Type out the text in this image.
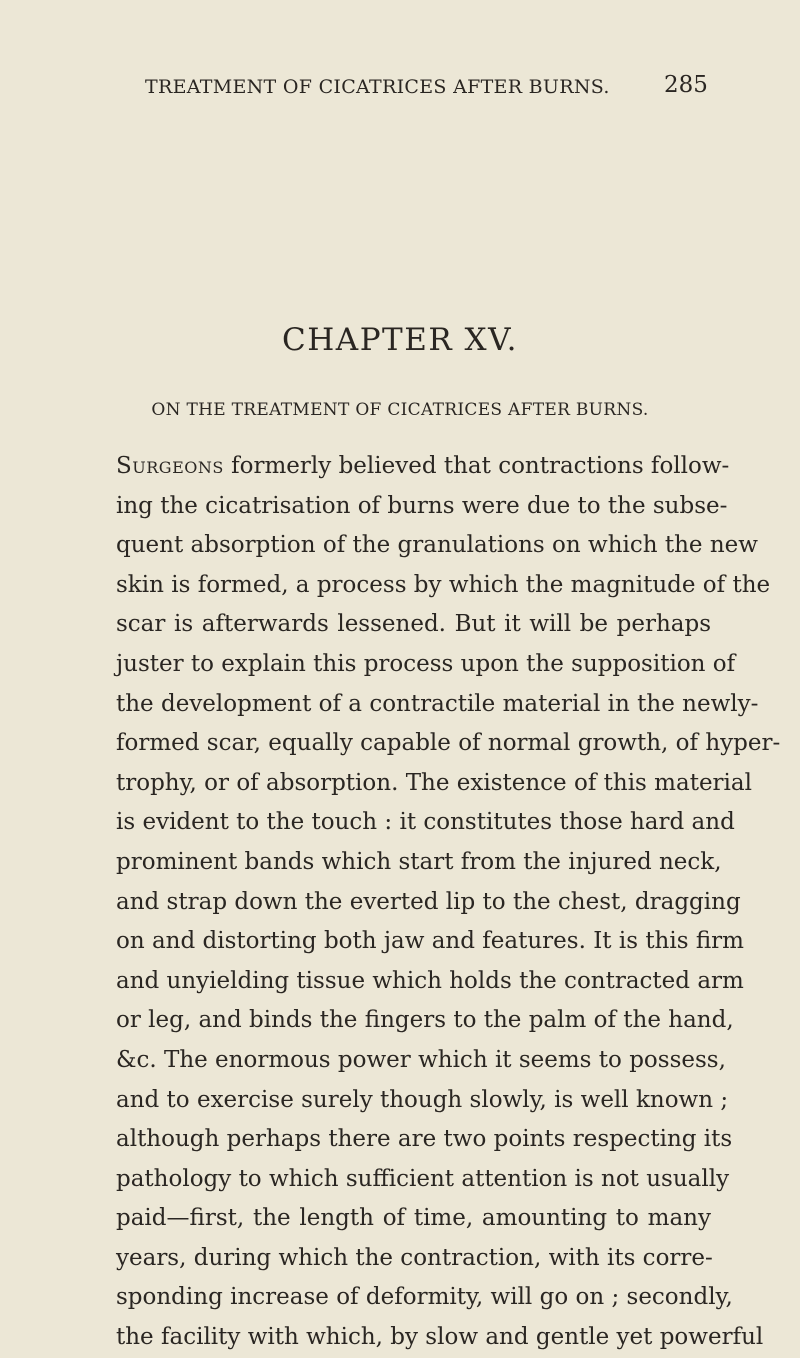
TREATMENT OF CICATRICES AFTER BURNS.	285
CHAPTER XV.
ON THE TREATMENT OF CICATRICES AFTER BURNS.
Surgeons formerly believed that contractions follow-
ing the cicatrisation of burns were due to the subse-
quent absorption of the granulations on which the new
skin is formed, a process by which the magnitude of the
scar is afterwards lessened. But it will be perhaps
juster to explain this process upon the supposition of
the development of a contractile material in the newly-
formed scar, equally capable of normal growth, of hyper-
trophy, or of absorption. The existence of this material
is evident to the touch : it constitutes those hard and
prominent bands which start from the injured neck,
and strap down the everted lip to the chest, dragging
on and distorting both jaw and features. It is this firm
and unyielding tissue which holds the contracted arm
or leg, and binds the fingers to the palm of the hand,
&c. The enormous power which it seems to possess,
and to exercise surely though slowly, is well known ;
although perhaps there are two points respecting its
pathology to which sufficient attention is not usually
paid—first, the length of time, amounting to many
years, during which the contraction, with its corre-
sponding increase of deformity, will go on ; secondly,
the facility with which, by slow and gentle yet powerful
